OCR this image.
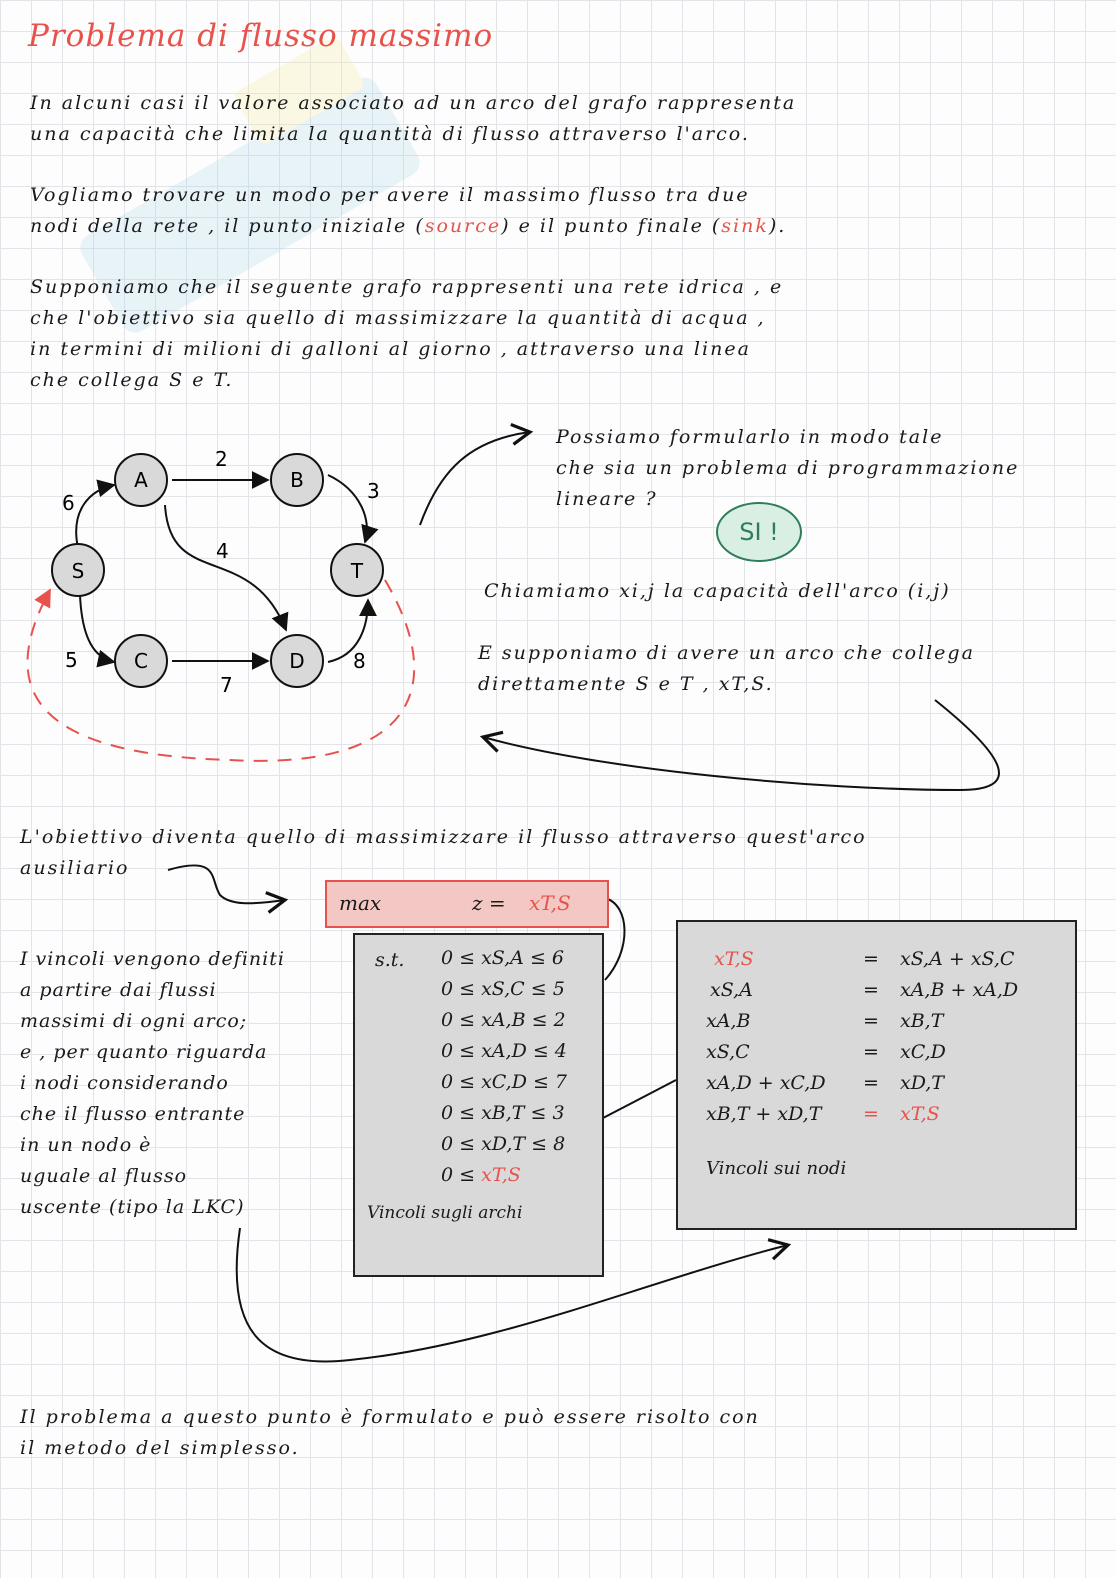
Problema di flusso massimo
In alcuni casi il valore associato ad un arco del grafo rappresenta
una capacità che limita la quantità di flusso attraverso l'arco.
Vogliamo trovare un modo per avere il massimo flusso tra due
nodi della rete , il punto iniziale (source) e il punto finale (sink).
Supponiamo che il seguente grafo rappresenti una rete idrica , e
che l'obiettivo sia quello di massimizzare la quantità di acqua ,
in termini di milioni di galloni al giorno , attraverso una linea
che collega S e T.
S
A	B
T
C	D
6
2
3
4
5
7
8
Possiamo formularlo in modo tale
che sia un problema di programmazione
lineare ?
SI !
Chiamiamo xi,j la capacità dell'arco (i,j)
E supponiamo di avere un arco che collega
direttamente S e T , xT,S.
L'obiettivo diventa quello di massimizzare il flusso attraverso quest'arco
ausiliario
max	z = xT,S
I vincoli vengono definiti
a partire dai flussi
massimi di ogni arco;
e , per quanto riguarda
i nodi considerando
che il flusso entrante
in un nodo è
uguale al flusso
uscente (tipo la LKC)
s.t. 0 ≤ xS,A ≤ 6
0 ≤ xS,C ≤ 5
0 ≤ xA,B ≤ 2
0 ≤ xA,D ≤ 4
0 ≤ xC,D ≤ 7
0 ≤ xB,T ≤ 3
0 ≤ xD,T ≤ 8
0 ≤ xT,S
Vincoli sugli archi
xT,S	= xS,A + xS,C
xS,A	= xA,B + xA,D
xA,B	= xB,T
xS,C	= xC,D
xA,D + xC,D = xD,T
xB,T + xD,T = xT,S
Vincoli sui nodi
Il problema a questo punto è formulato e può essere risolto con
il metodo del simplesso.
